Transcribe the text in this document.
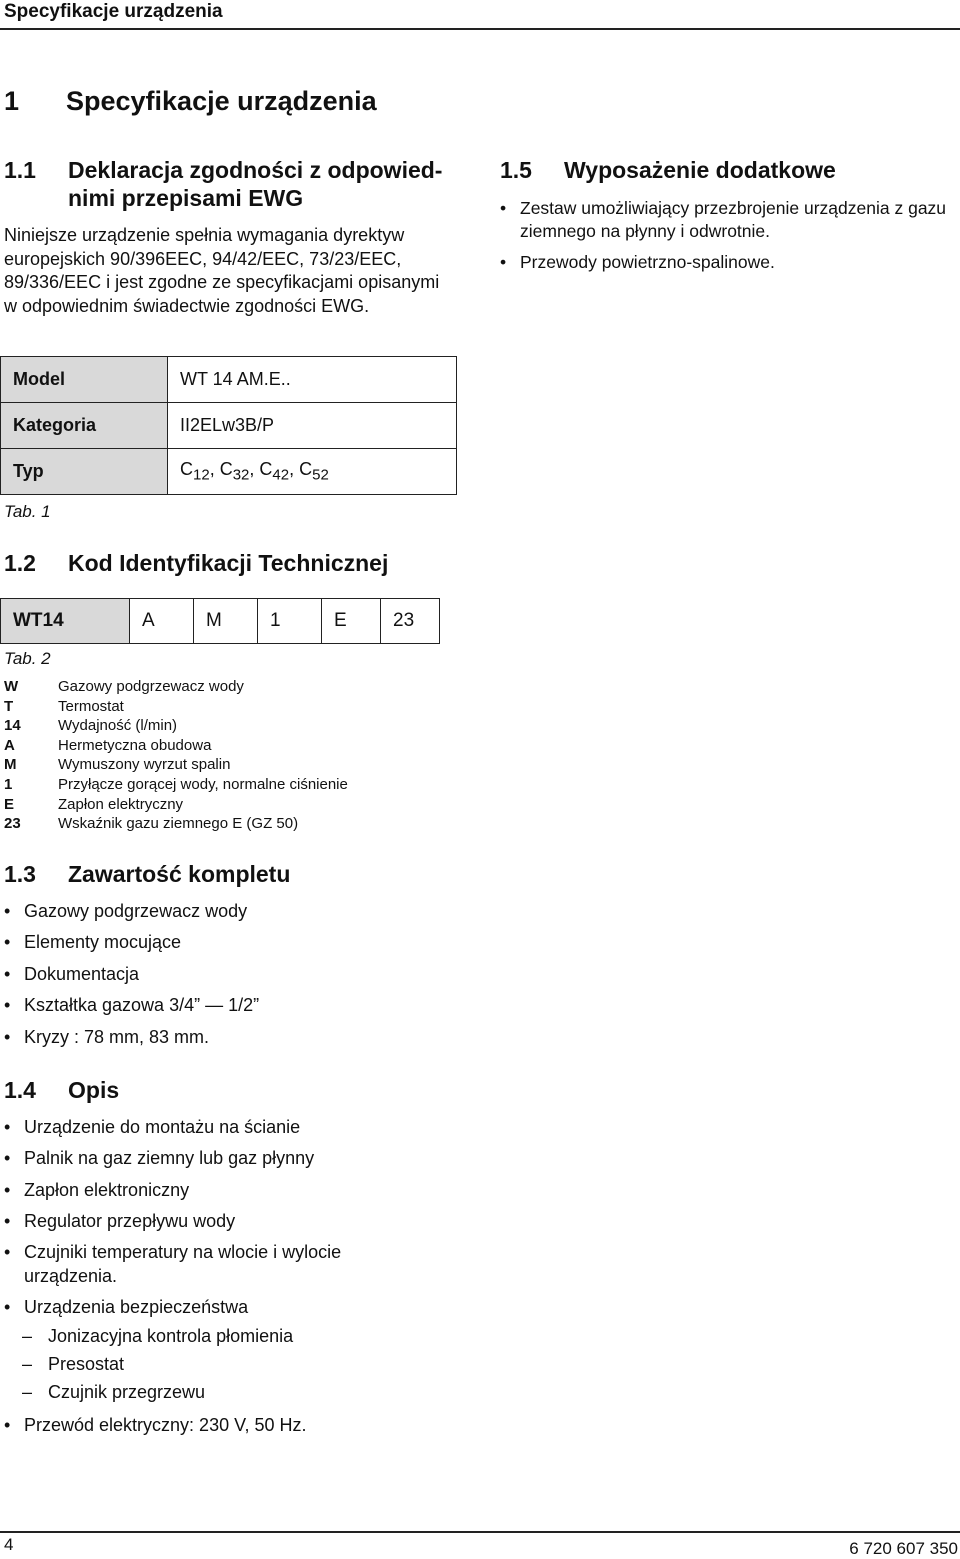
Specyfikacje urządzenia
1 Specyfikacje urządzenia
1.1 Deklaracja zgodności z odpowied-
nimi przepisami EWG
Niniejsze urządzenie spełnia wymagania dyrektyw europejskich 90/396EEC, 94/42/EEC, 73/23/EEC, 89/336/EEC i jest zgodne ze specyfikacjami opisanymi w odpowiednim świadectwie zgodności EWG.
1.5 Wyposażenie dodatkowe
• Zestaw umożliwiający przezbrojenie urządzenia z gazu ziemnego na płynny i odwrotnie.
• Przewody powietrzno-spalinowe.
Model	WT 14 AM.E..
Kategoria	II2ELw3B/P
Typ	$C_{12}$, $C_{32}$, $C_{42}$, $C_{52}$
Tab. 1
1.2 Kod Identyfikacji Technicznej
WT14	A	M	1	E	23
Tab. 2
W	Gazowy podgrzewacz wody
T	Termostat
14	Wydajność (l/min)
A	Hermetyczna obudowa
M	Wymuszony wyrzut spalin
1	Przyłącze gorącej wody, normalne ciśnienie
E	Zapłon elektryczny
23	Wskaźnik gazu ziemnego E (GZ 50)
1.3 Zawartość kompletu
• Gazowy podgrzewacz wody
• Elementy mocujące
• Dokumentacja
• Kształtka gazowa 3/4” — 1/2”
• Kryzy : 78 mm, 83 mm.
1.4 Opis
• Urządzenie do montażu na ścianie
• Palnik na gaz ziemny lub gaz płynny
• Zapłon elektroniczny
• Regulator przepływu wody
• Czujniki temperatury na wlocie i wylocie urządzenia.
• Urządzenia bezpieczeństwa
– Jonizacyjna kontrola płomienia
– Presostat
– Czujnik przegrzewu
• Przewód elektryczny: 230 V, 50 Hz.
4	6 720 607 350
